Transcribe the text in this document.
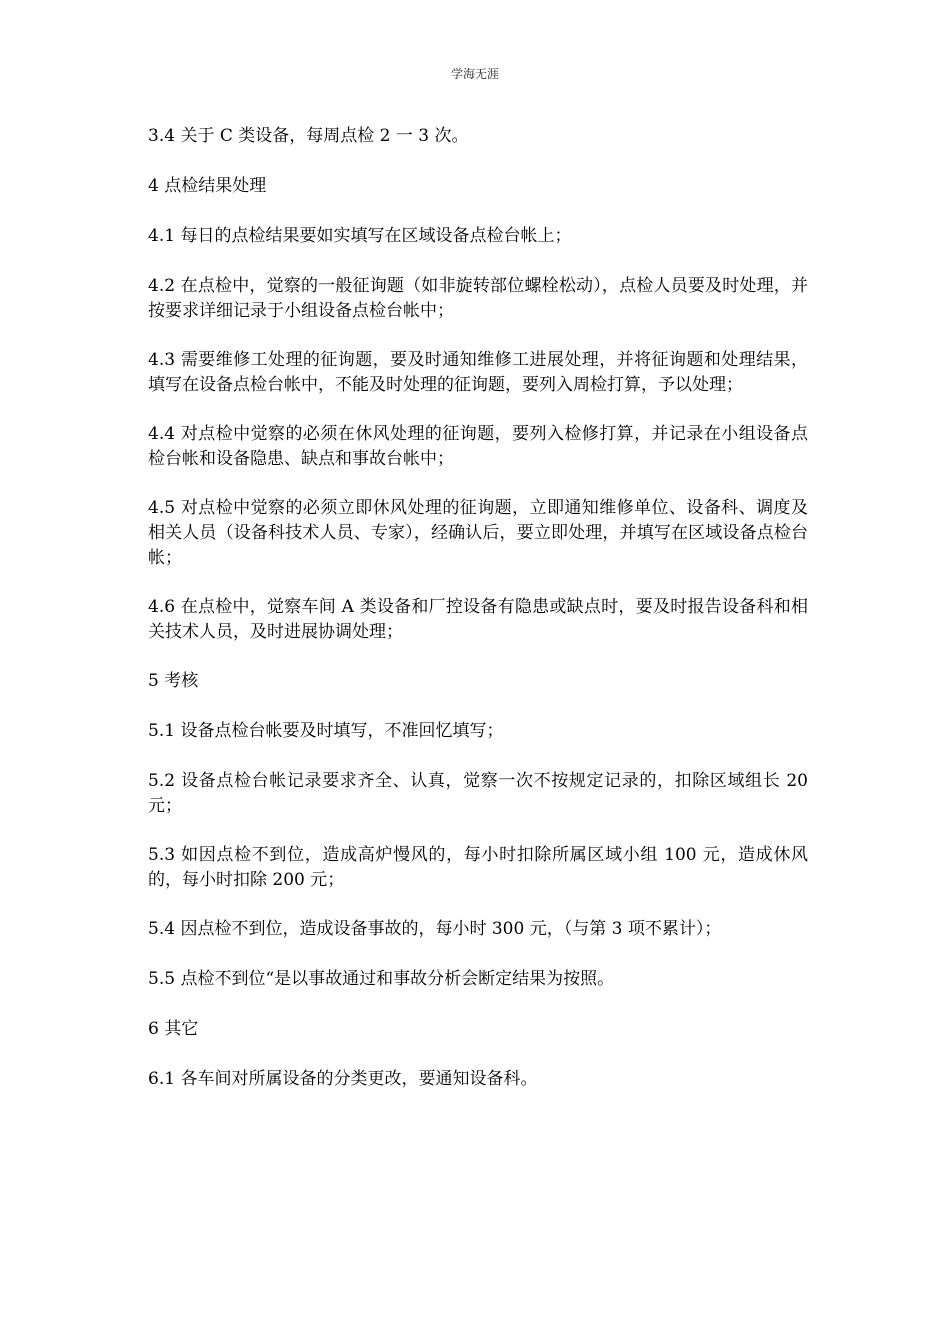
学海无涯

3.4 关于 C 类设备，每周点检 2 一 3 次。

4 点检结果处理

4.1 每日的点检结果要如实填写在区域设备点检台帐上；

4.2 在点检中，觉察的一般征询题（如非旋转部位螺栓松动），点检人员要及时处理，并按要求详细记录于小组设备点检台帐中；

4.3 需要维修工处理的征询题，要及时通知维修工进展处理，并将征询题和处理结果，填写在设备点检台帐中，不能及时处理的征询题，要列入周检打算，予以处理；

4.4 对点检中觉察的必须在休风处理的征询题，要列入检修打算，并记录在小组设备点检台帐和设备隐患、缺点和事故台帐中；

4.5 对点检中觉察的必须立即休风处理的征询题，立即通知维修单位、设备科、调度及相关人员（设备科技术人员、专家），经确认后，要立即处理，并填写在区域设备点检台帐；

4.6 在点检中，觉察车间 A 类设备和厂控设备有隐患或缺点时，要及时报告设备科和相关技术人员，及时进展协调处理；

5 考核

5.1 设备点检台帐要及时填写，不准回忆填写；

5.2 设备点检台帐记录要求齐全、认真，觉察一次不按规定记录的，扣除区域组长 20 元；

5.3 如因点检不到位，造成高炉慢风的，每小时扣除所属区域小组 100 元，造成休风的，每小时扣除 200 元；

5.4 因点检不到位，造成设备事故的，每小时 300 元，（与第 3 项不累计）；

5.5 点检不到位“是以事故通过和事故分析会断定结果为按照。

6 其它

6.1 各车间对所属设备的分类更改，要通知设备科。
